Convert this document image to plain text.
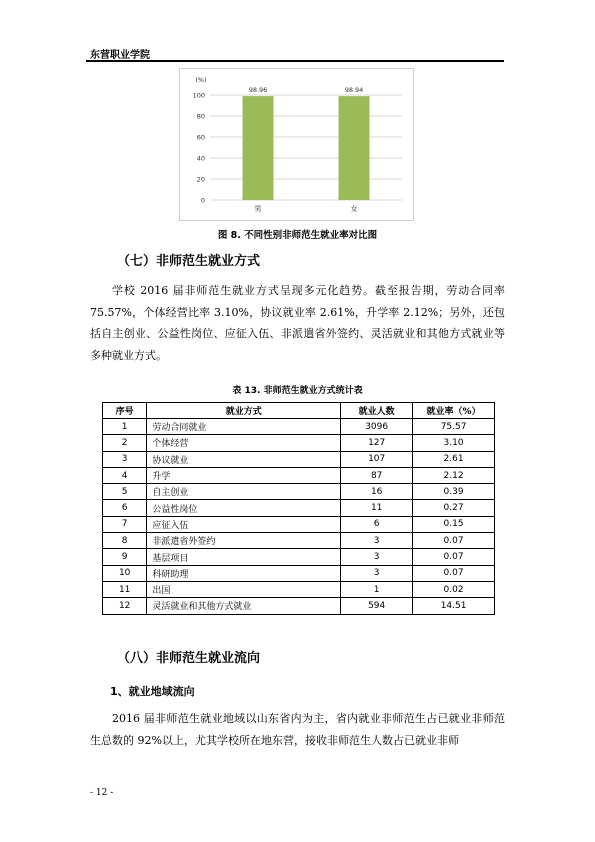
东营职业学院
0
20
40
60
80
100
(%)
98.96
男
98.94
女
图 8. 不同性别非师范生就业率对比图
（七）非师范生就业方式

学校 2016 届非师范生就业方式呈现多元化趋势。截至报告期，劳动合同率 75.57%，个体经营比率 3.10%，协议就业率 2.61%，升学率 2.12%；另外，还包括自主创业、公益性岗位、应征入伍、非派遣省外签约、灵活就业和其他方式就业等多种就业方式。

表 13. 非师范生就业方式统计表
序号	就业方式	就业人数	就业率（%）
1	劳动合同就业	3096	75.57
2	个体经营	127	3.10
3	协议就业	107	2.61
4	升学	87	2.12
5	自主创业	16	0.39
6	公益性岗位	11	0.27
7	应征入伍	6	0.15
8	非派遣省外签约	3	0.07
9	基层项目	3	0.07
10	科研助理	3	0.07
11	出国	1	0.02
12	灵活就业和其他方式就业	594	14.51
（八）非师范生就业流向
1、就业地域流向

2016 届非师范生就业地域以山东省内为主，省内就业非师范生占已就业非师范生总数的 92%以上，尤其学校所在地东营，接收非师范生人数占已就业非师

- 12 -
